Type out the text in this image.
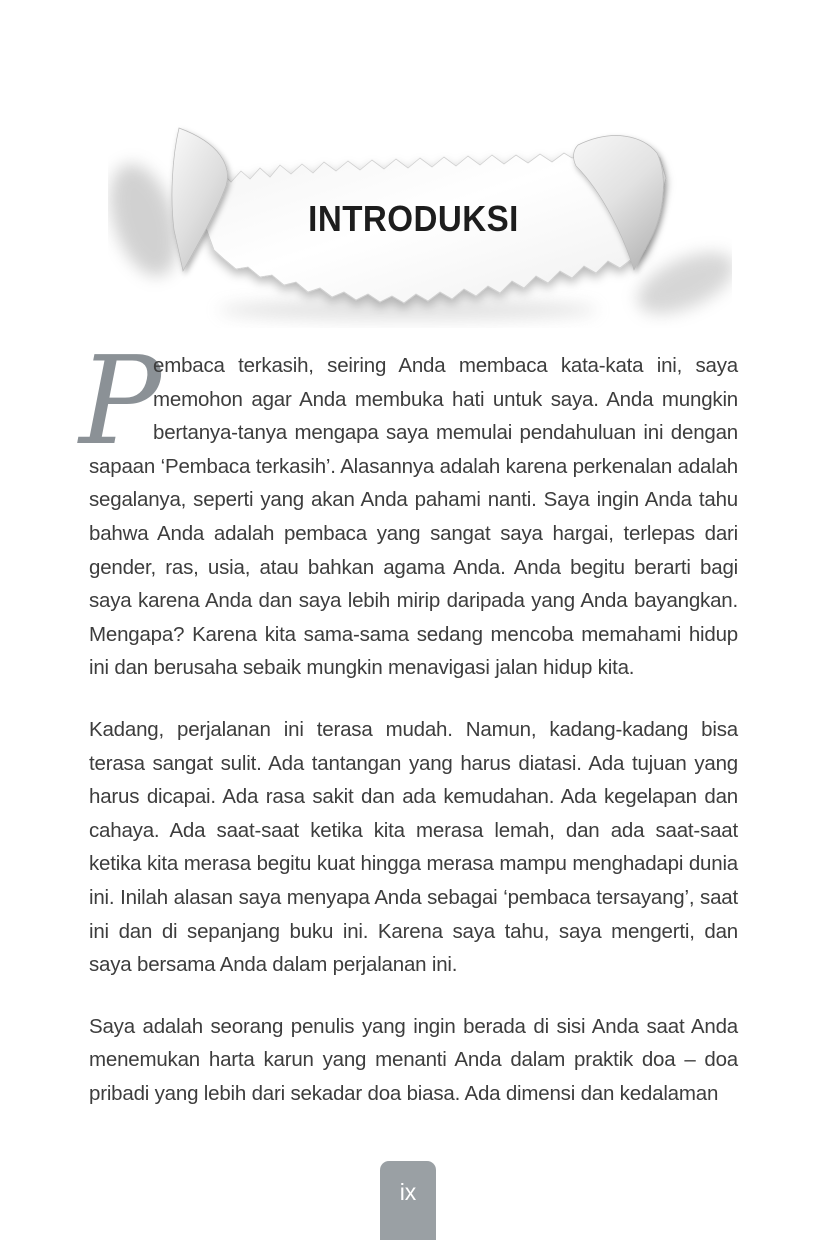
INTRODUKSI

P
embaca terkasih, seiring Anda membaca kata-kata ini, saya memohon agar Anda membuka hati untuk saya. Anda mungkin bertanya-tanya mengapa saya memulai pendahuluan ini dengan sapaan ‘Pembaca terkasih’. Alasannya adalah karena perkenalan adalah segalanya, seperti yang akan Anda pahami nanti. Saya ingin Anda tahu bahwa Anda adalah pembaca yang sangat saya hargai, terlepas dari gender, ras, usia, atau bahkan agama Anda. Anda begitu berarti bagi saya karena Anda dan saya lebih mirip daripada yang Anda bayangkan. Mengapa? Karena kita sama-sama sedang mencoba memahami hidup ini dan berusaha sebaik mungkin menavigasi jalan hidup kita.

Kadang, perjalanan ini terasa mudah. Namun, kadang-kadang bisa terasa sangat sulit. Ada tantangan yang harus diatasi. Ada tujuan yang harus dicapai. Ada rasa sakit dan ada kemudahan. Ada kegelapan dan cahaya. Ada saat-saat ketika kita merasa lemah, dan ada saat-saat ketika kita merasa begitu kuat hingga merasa mampu menghadapi dunia ini. Inilah alasan saya menyapa Anda sebagai ‘pembaca tersayang’, saat ini dan di sepanjang buku ini. Karena saya tahu, saya mengerti, dan saya bersama Anda dalam perjalanan ini.

Saya adalah seorang penulis yang ingin berada di sisi Anda saat Anda menemukan harta karun yang menanti Anda dalam praktik doa – doa pribadi yang lebih dari sekadar doa biasa. Ada dimensi dan kedalaman

ix
